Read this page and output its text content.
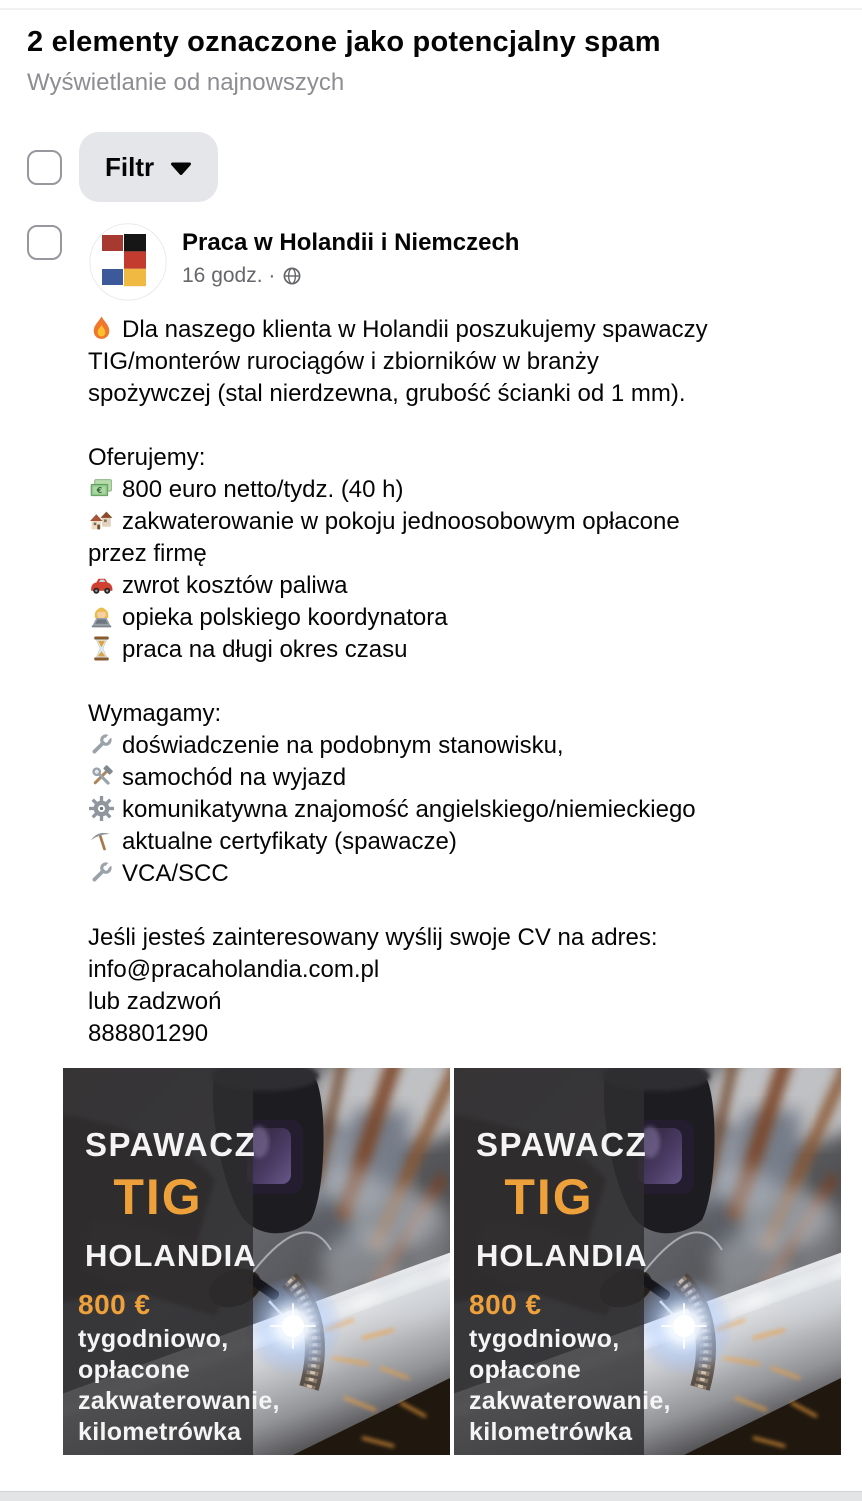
2 elementy oznaczone jako potencjalny spam
Wyświetlanie od najnowszych
Filtr
Praca w Holandii i Niemczech
16 godz. ·
Dla naszego klienta w Holandii poszukujemy spawaczy
TIG/monterów rurociągów i zbiorników w branży
spożywczej (stal nierdzewna, grubość ścianki od 1 mm).
Oferujemy:
€ 800 euro netto/tydz. (40 h)
zakwaterowanie w pokoju jednoosobowym opłacone
przez firmę
zwrot kosztów paliwa
opieka polskiego koordynatora
praca na długi okres czasu
Wymagamy:
doświadczenie na podobnym stanowisku,
samochód na wyjazd
komunikatywna znajomość angielskiego/niemieckiego
aktualne certyfikaty (spawacze)
VCA/SCC
Jeśli jesteś zainteresowany wyślij swoje CV na adres:
info@pracaholandia.com.pl
lub zadzwoń
888801290
SPAWACZ
TIG
HOLANDIA
800 €
tygodniowo,
opłacone
zakwaterowanie,
kilometrówka
SPAWACZ
TIG
HOLANDIA
800 €
tygodniowo,
opłacone
zakwaterowanie,
kilometrówka
